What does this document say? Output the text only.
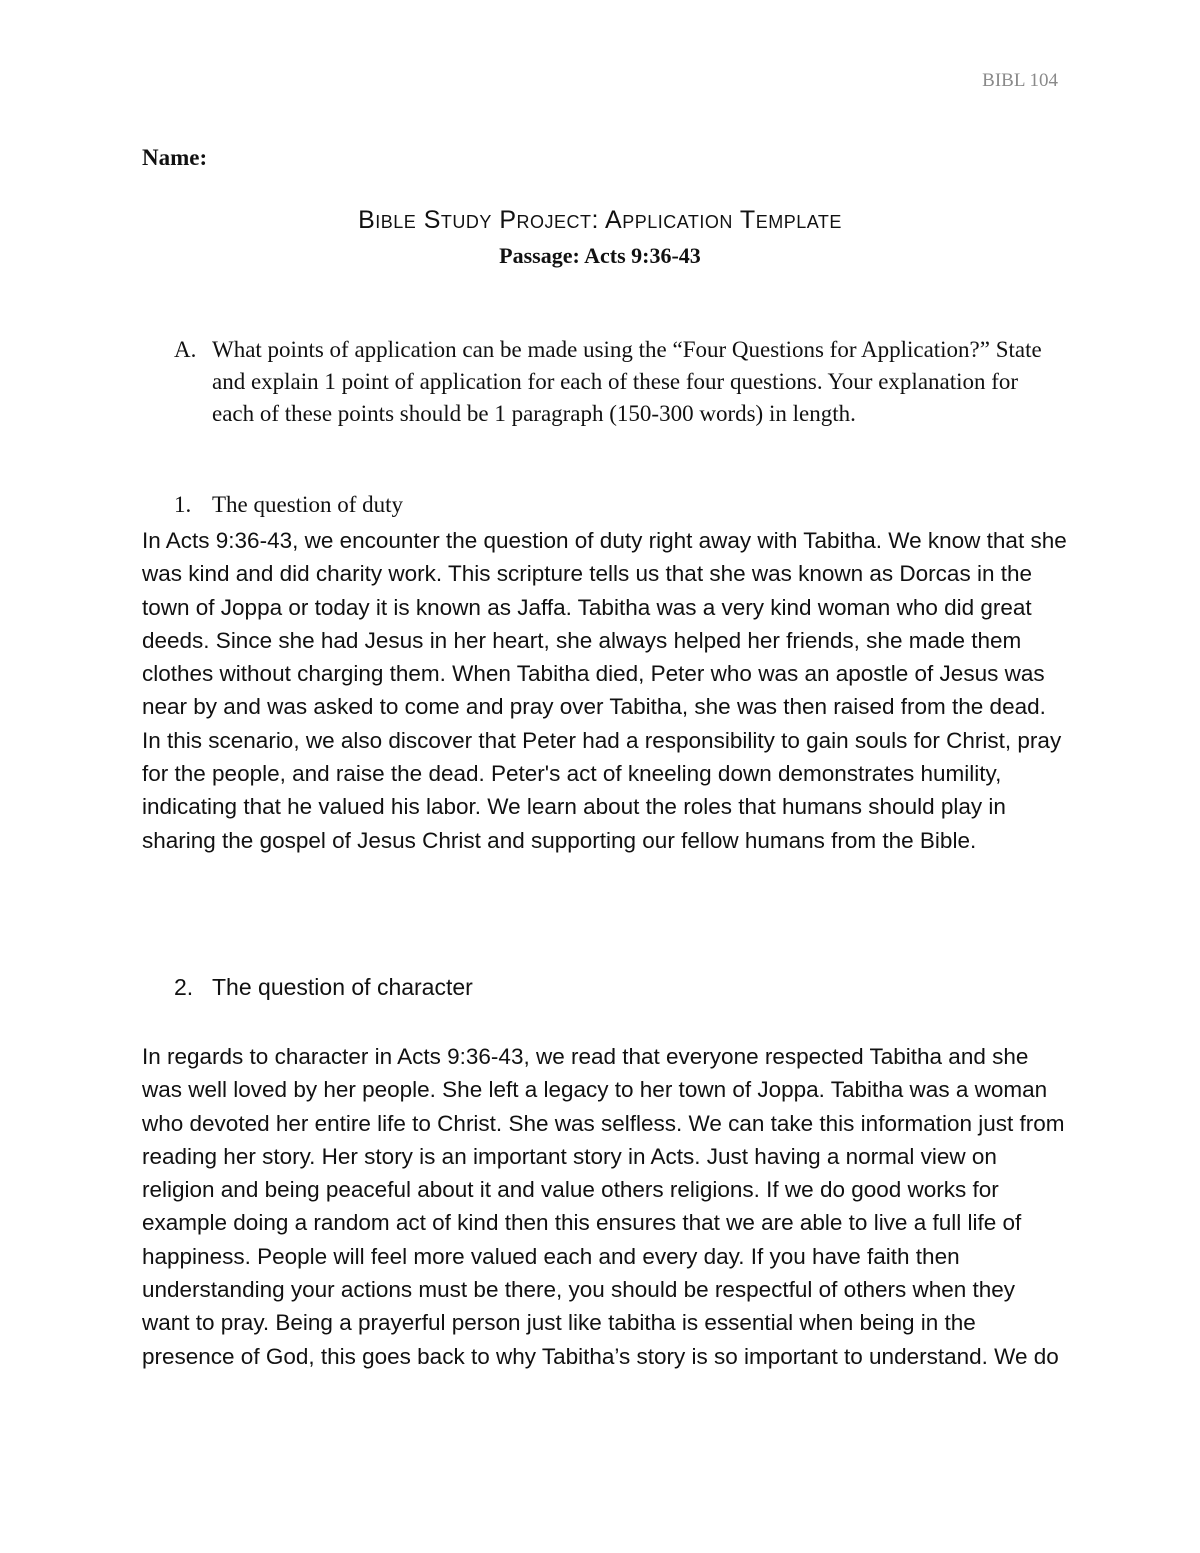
BIBL 104
Name:
Bible Study Project: Application Template
Passage: Acts 9:36-43
A. What points of application can be made using the “Four Questions for Application?” State and explain 1 point of application for each of these four questions. Your explanation for each of these points should be 1 paragraph (150-300 words) in length.
1. The question of duty
In Acts 9:36-43, we encounter the question of duty right away with Tabitha. We know that she was kind and did charity work. This scripture tells us that she was known as Dorcas in the town of Joppa or today it is known as Jaffa. Tabitha was a very kind woman who did great deeds. Since she had Jesus in her heart, she always helped her friends, she made them clothes without charging them. When Tabitha died, Peter who was an apostle of Jesus was near by and was asked to come and pray over Tabitha, she was then raised from the dead. In this scenario, we also discover that Peter had a responsibility to gain souls for Christ, pray for the people, and raise the dead. Peter's act of kneeling down demonstrates humility, indicating that he valued his labor. We learn about the roles that humans should play in sharing the gospel of Jesus Christ and supporting our fellow humans from the Bible.
2. The question of character
In regards to character in Acts 9:36-43, we read that everyone respected Tabitha and she was well loved by her people. She left a legacy to her town of Joppa. Tabitha was a woman who devoted her entire life to Christ. She was selfless. We can take this information just from reading her story. Her story is an important story in Acts. Just having a normal view on religion and being peaceful about it and value others religions. If we do good works for example doing a random act of kind then this ensures that we are able to live a full life of happiness. People will feel more valued each and every day. If you have faith then understanding your actions must be there, you should be respectful of others when they want to pray. Being a prayerful person just like tabitha is essential when being in the presence of God, this goes back to why Tabitha’s story is so important to understand. We do
